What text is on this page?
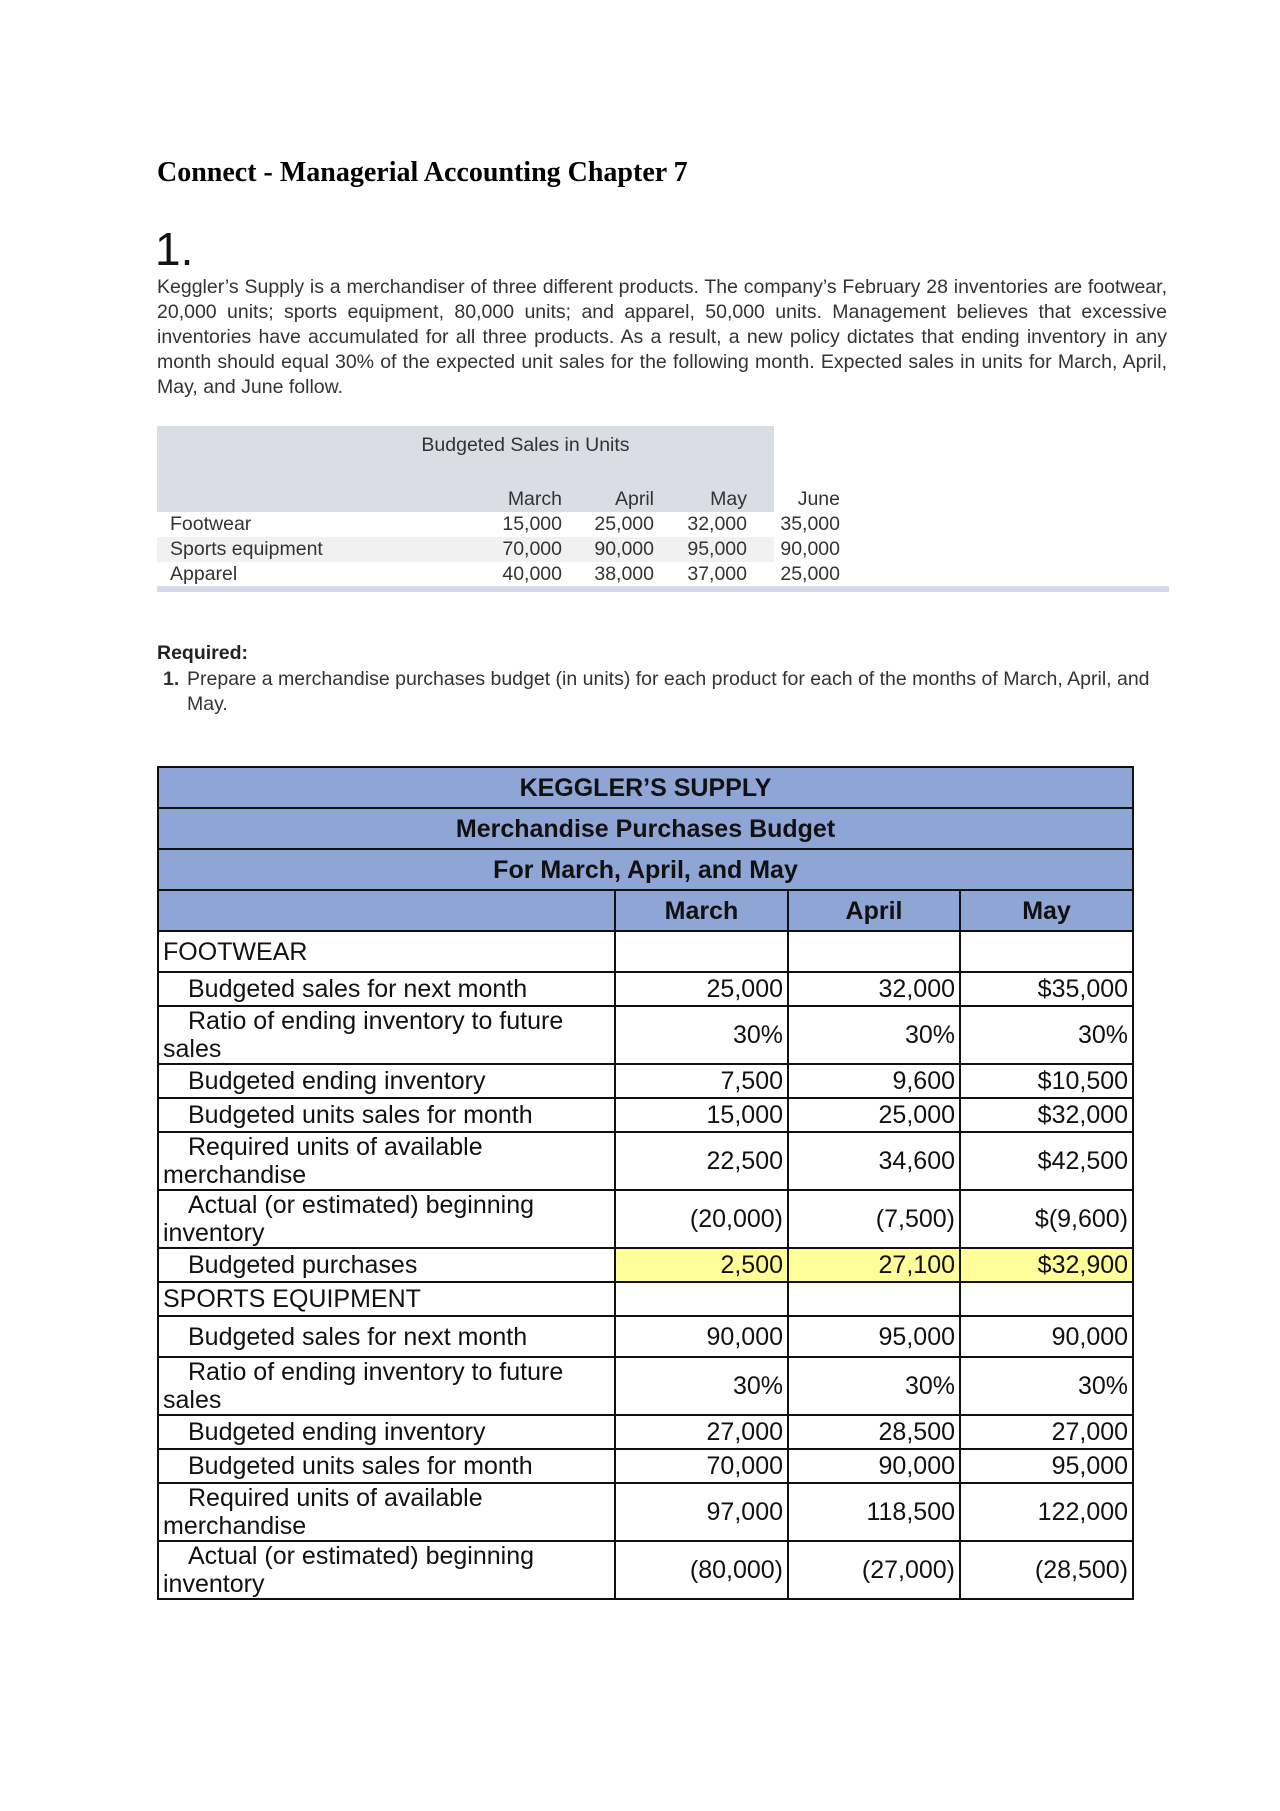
Connect - Managerial Accounting Chapter 7
1.
Keggler’s Supply is a merchandiser of three different products. The company’s February 28 inventories are footwear, 20,000 units; sports equipment, 80,000 units; and apparel, 50,000 units. Management believes that excessive inventories have accumulated for all three products. As a result, a new policy dictates that ending inventory in any month should equal 30% of the expected unit sales for the following month. Expected sales in units for March, April, May, and June follow.
Budgeted Sales in Units
March	April	May	June
Footwear	15,000	25,000	32,000	35,000
Sports equipment	70,000	90,000	95,000	90,000
Apparel	40,000	38,000	37,000	25,000
Required:
1. Prepare a merchandise purchases budget (in units) for each product for each of the months of March, April, and May.
KEGGLER’S SUPPLY			
Merchandise Purchases Budget			
For March, April, and May			
	March	April	May
FOOTWEAR			
Budgeted sales for next month	25,000	32,000	$35,000
Ratio of ending inventory to future sales	30%	30%	30%
Budgeted ending inventory	7,500	9,600	$10,500
Budgeted units sales for month	15,000	25,000	$32,000
Required units of available merchandise	22,500	34,600	$42,500
Actual (or estimated) beginning inventory	(20,000)	(7,500)	$(9,600)
Budgeted purchases	2,500	27,100	$32,900
SPORTS EQUIPMENT			
Budgeted sales for next month	90,000	95,000	90,000
Ratio of ending inventory to future sales	30%	30%	30%
Budgeted ending inventory	27,000	28,500	27,000
Budgeted units sales for month	70,000	90,000	95,000
Required units of available merchandise	97,000	118,500	122,000
Actual (or estimated) beginning inventory	(80,000)	(27,000)	(28,500)
